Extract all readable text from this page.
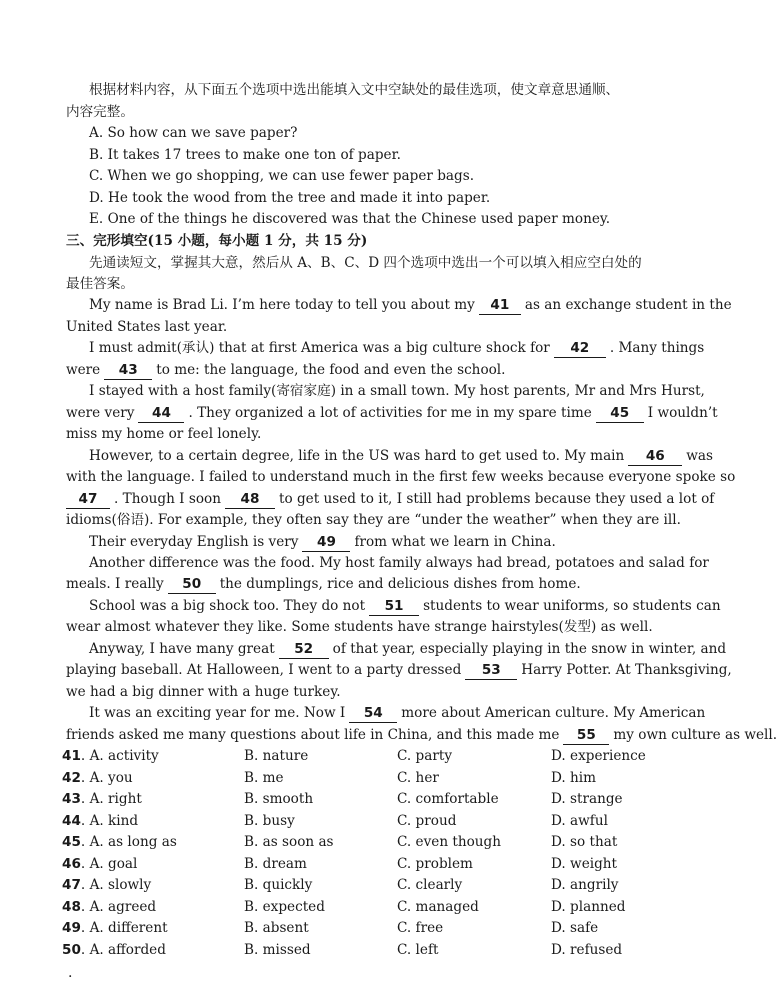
根据材料内容，从下面五个选项中选出能填入文中空缺处的最佳选项，使文章意思通顺、
内容完整。
A. So how can we save paper?
B. It takes 17 trees to make one ton of paper.
C. When we go shopping, we can use fewer paper bags.
D. He took the wood from the tree and made it into paper.
E. One of the things he discovered was that the Chinese used paper money.
三、完形填空(15 小题，每小题 1 分，共 15 分)
先通读短文，掌握其大意，然后从 A、B、C、D 四个选项中选出一个可以填入相应空白处的
最佳答案。
My name is Brad Li. I’m here today to tell you about my 41 as an exchange student in the
United States last year.
I must admit(承认) that at first America was a big culture shock for 42 . Many things
were 43 to me: the language, the food and even the school.
I stayed with a host family(寄宿家庭) in a small town. My host parents, Mr and Mrs Hurst,
were very 44 . They organized a lot of activities for me in my spare time 45 I wouldn’t
miss my home or feel lonely.
However, to a certain degree, life in the US was hard to get used to. My main 46 was
with the language. I failed to understand much in the first few weeks because everyone spoke so
47 . Though I soon 48 to get used to it, I still had problems because they used a lot of
idioms(俗语). For example, they often say they are “under the weather” when they are ill.
Their everyday English is very 49 from what we learn in China.
Another difference was the food. My host family always had bread, potatoes and salad for
meals. I really 50 the dumplings, rice and delicious dishes from home.
School was a big shock too. They do not 51 students to wear uniforms, so students can
wear almost whatever they like. Some students have strange hairstyles(发型) as well.
Anyway, I have many great 52 of that year, especially playing in the snow in winter, and
playing baseball. At Halloween, I went to a party dressed 53 Harry Potter. At Thanksgiving,
we had a big dinner with a huge turkey.
It was an exciting year for me. Now I 54 more about American culture. My American
friends asked me many questions about life in China, and this made me 55 my own culture as well.
41. A. activity	B. nature	C. party	D. experience
42. A. you	B. me	C. her	D. him
43. A. right	B. smooth	C. comfortable	D. strange
44. A. kind	B. busy	C. proud	D. awful
45. A. as long as	B. as soon as	C. even though	D. so that
46. A. goal	B. dream	C. problem	D. weight
47. A. slowly	B. quickly	C. clearly	D. angrily
48. A. agreed	B. expected	C. managed	D. planned
49. A. different	B. absent	C. free	D. safe
50. A. afforded	B. missed	C. left	D. refused
.
